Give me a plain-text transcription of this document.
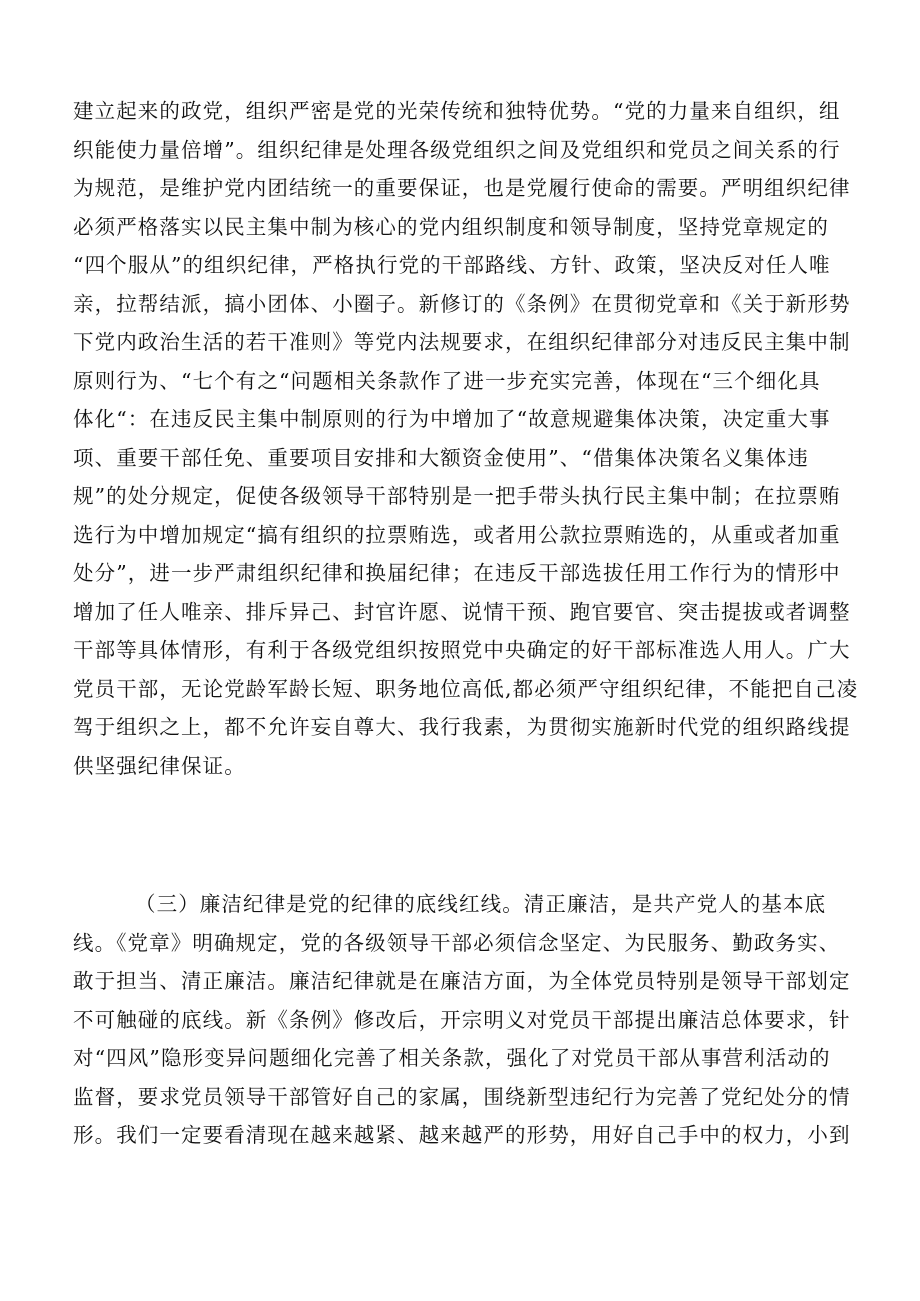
建立起来的政党，组织严密是党的光荣传统和独特优势。“党的力量来自组织，组
织能使力量倍增”。组织纪律是处理各级党组织之间及党组织和党员之间关系的行
为规范，是维护党内团结统一的重要保证，也是党履行使命的需要。严明组织纪律
必须严格落实以民主集中制为核心的党内组织制度和领导制度，坚持党章规定的
“四个服从”的组织纪律，严格执行党的干部路线、方针、政策，坚决反对任人唯
亲，拉帮结派，搞小团体、小圈子。新修订的《条例》在贯彻党章和《关于新形势
下党内政治生活的若干准则》等党内法规要求，在组织纪律部分对违反民主集中制
原则行为、“七个有之“问题相关条款作了进一步充实完善，体现在“三个细化具
体化“：在违反民主集中制原则的行为中增加了“故意规避集体决策，决定重大事
项、重要干部任免、重要项目安排和大额资金使用”、“借集体决策名义集体违
规”的处分规定，促使各级领导干部特别是一把手带头执行民主集中制；在拉票贿
选行为中增加规定“搞有组织的拉票贿选，或者用公款拉票贿选的，从重或者加重
处分”，进一步严肃组织纪律和换届纪律；在违反干部选拔任用工作行为的情形中
增加了任人唯亲、排斥异己、封官许愿、说情干预、跑官要官、突击提拔或者调整
干部等具体情形，有利于各级党组织按照党中央确定的好干部标准选人用人。广大
党员干部，无论党龄军龄长短、职务地位高低,都必须严守组织纪律，不能把自己凌
驾于组织之上，都不允许妄自尊大、我行我素，为贯彻实施新时代党的组织路线提
供坚强纪律保证。
（三）廉洁纪律是党的纪律的底线红线。清正廉洁，是共产党人的基本底
线。《党章》明确规定，党的各级领导干部必须信念坚定、为民服务、勤政务实、
敢于担当、清正廉洁。廉洁纪律就是在廉洁方面，为全体党员特别是领导干部划定
不可触碰的底线。新《条例》修改后，开宗明义对党员干部提出廉洁总体要求，针
对“四风”隐形变异问题细化完善了相关条款，强化了对党员干部从事营利活动的
监督，要求党员领导干部管好自己的家属，围绕新型违纪行为完善了党纪处分的情
形。我们一定要看清现在越来越紧、越来越严的形势，用好自己手中的权力，小到
